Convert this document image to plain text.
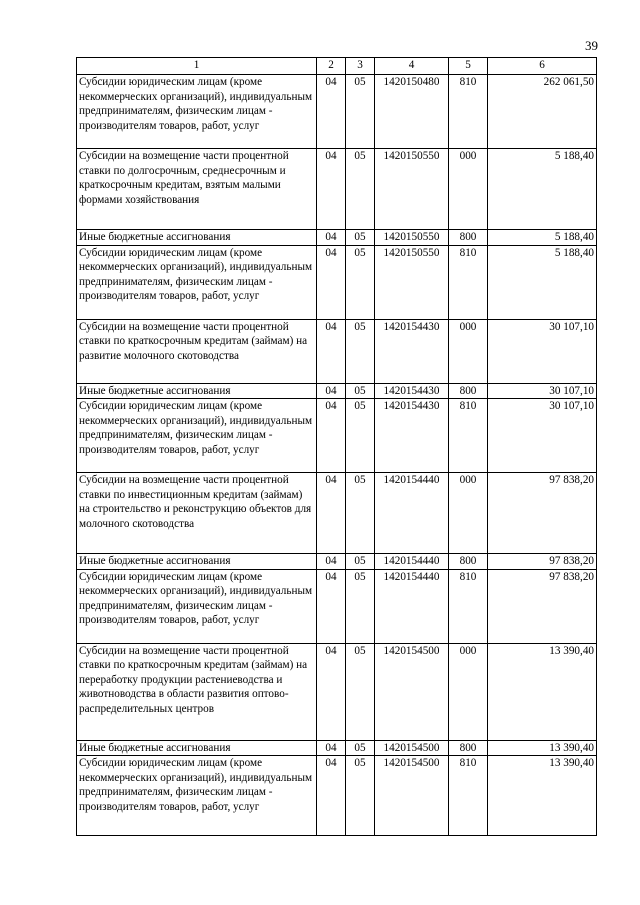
39
1	2	3	4	5	6
Субсидии юридическим лицам (кроме некоммерческих организаций), индивидуальным предпринимателям, физическим лицам - производителям товаров, работ, услуг	04	05	1420150480	810	262 061,50
Субсидии на возмещение части процентной ставки по долгосрочным, среднесрочным и краткосрочным кредитам, взятым малыми формами хозяйствования	04	05	1420150550	000	5 188,40
Иные бюджетные ассигнования	04	05	1420150550	800	5 188,40
Субсидии юридическим лицам (кроме некоммерческих организаций), индивидуальным предпринимателям, физическим лицам - производителям товаров, работ, услуг	04	05	1420150550	810	5 188,40
Субсидии на возмещение части процентной ставки по краткосрочным кредитам (займам) на развитие молочного скотоводства	04	05	1420154430	000	30 107,10
Иные бюджетные ассигнования	04	05	1420154430	800	30 107,10
Субсидии юридическим лицам (кроме некоммерческих организаций), индивидуальным предпринимателям, физическим лицам - производителям товаров, работ, услуг	04	05	1420154430	810	30 107,10
Субсидии на возмещение части процентной ставки по инвестиционным кредитам (займам) на строительство и реконструкцию объектов для молочного скотоводства	04	05	1420154440	000	97 838,20
Иные бюджетные ассигнования	04	05	1420154440	800	97 838,20
Субсидии юридическим лицам (кроме некоммерческих организаций), индивидуальным предпринимателям, физическим лицам - производителям товаров, работ, услуг	04	05	1420154440	810	97 838,20
Субсидии на возмещение части процентной ставки по краткосрочным кредитам (займам) на переработку продукции растениеводства и животноводства в области развития оптово-распределительных центров	04	05	1420154500	000	13 390,40
Иные бюджетные ассигнования	04	05	1420154500	800	13 390,40
Субсидии юридическим лицам (кроме некоммерческих организаций), индивидуальным предпринимателям, физическим лицам - производителям товаров, работ, услуг	04	05	1420154500	810	13 390,40
